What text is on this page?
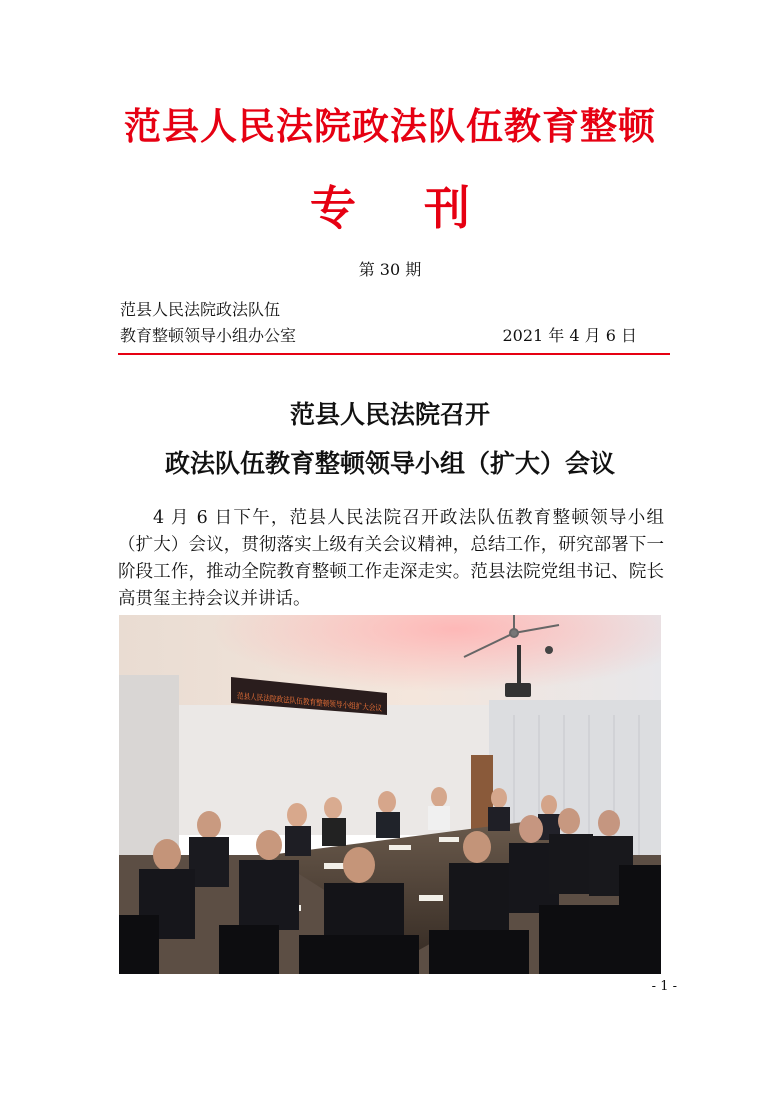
范县人民法院政法队伍教育整顿
专 刊
第 30 期
范县人民法院政法队伍
教育整顿领导小组办公室	2021 年 4 月 6 日
范县人民法院召开
政法队伍教育整顿领导小组（扩大）会议
4 月 6 日下午，范县人民法院召开政法队伍教育整顿领导小组（扩大）会议，贯彻落实上级有关会议精神，总结工作，研究部署下一阶段工作，推动全院教育整顿工作走深走实。范县法院党组书记、院长高贯玺主持会议并讲话。
范县人民法院政法队伍教育整顿领导小组扩大会议
- 1 -
